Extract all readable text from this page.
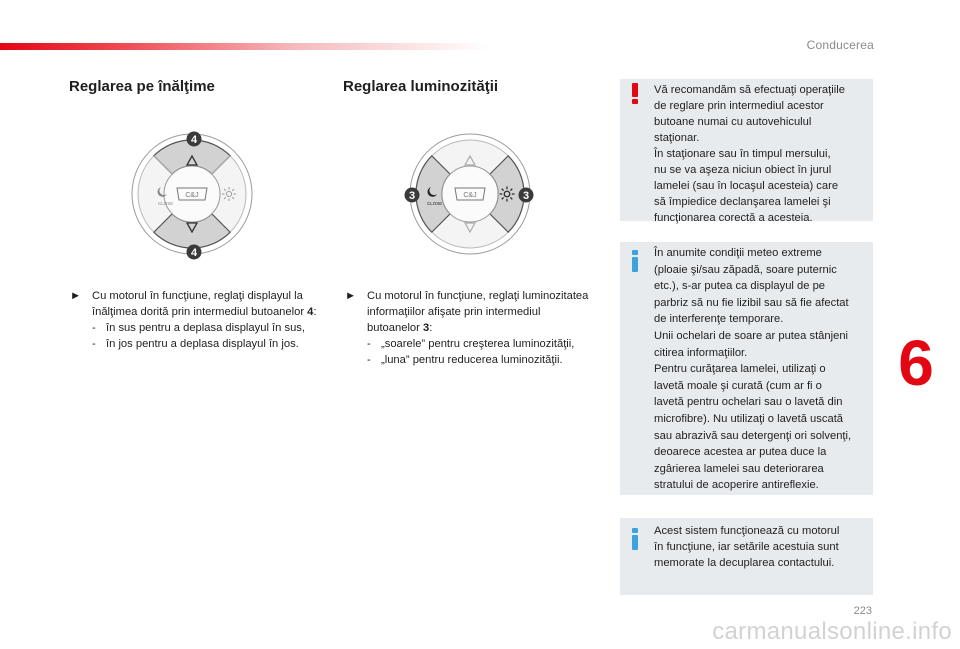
Conducerea
6
223
carmanualsonline.info
Reglarea pe înălţime
CLOSE
C&J
4
4
► Cu motorul în funcţiune, reglaţi displayul la înălţimea dorită prin intermediul butoanelor 4:
- în sus pentru a deplasa displayul în sus,
- în jos pentru a deplasa displayul în jos.
Reglarea luminozităţii
CLOSE
C&J
3	3
► Cu motorul în funcţiune, reglaţi luminozitatea informaţiilor afişate prin intermediul butoanelor 3:
- „soarele” pentru creşterea luminozităţii,
- „luna” pentru reducerea luminozităţii.

Vă recomandăm să efectuaţi operaţiile

de reglare prin intermediul acestor

butoane numai cu autovehiculul

staţionar.

În staţionare sau în timpul mersului,

nu se va aşeza niciun obiect în jurul

lamelei (sau în locaşul acesteia) care

să împiedice declanşarea lamelei şi

funcţionarea corectă a acesteia.

În anumite condiţii meteo extreme

(ploaie şi/sau zăpadă, soare puternic

etc.), s-ar putea ca displayul de pe

parbriz să nu fie lizibil sau să fie afectat

de interferenţe temporare.

Unii ochelari de soare ar putea stânjeni

citirea informaţiilor.

Pentru curăţarea lamelei, utilizaţi o

lavetă moale şi curată (cum ar fi o

lavetă pentru ochelari sau o lavetă din

microfibre). Nu utilizaţi o lavetă uscată

sau abrazivă sau detergenţi ori solvenţi,

deoarece acestea ar putea duce la

zgârierea lamelei sau deteriorarea

stratului de acoperire antireflexie.

Acest sistem funcţionează cu motorul

în funcţiune, iar setările acestuia sunt

memorate la decuplarea contactului.
